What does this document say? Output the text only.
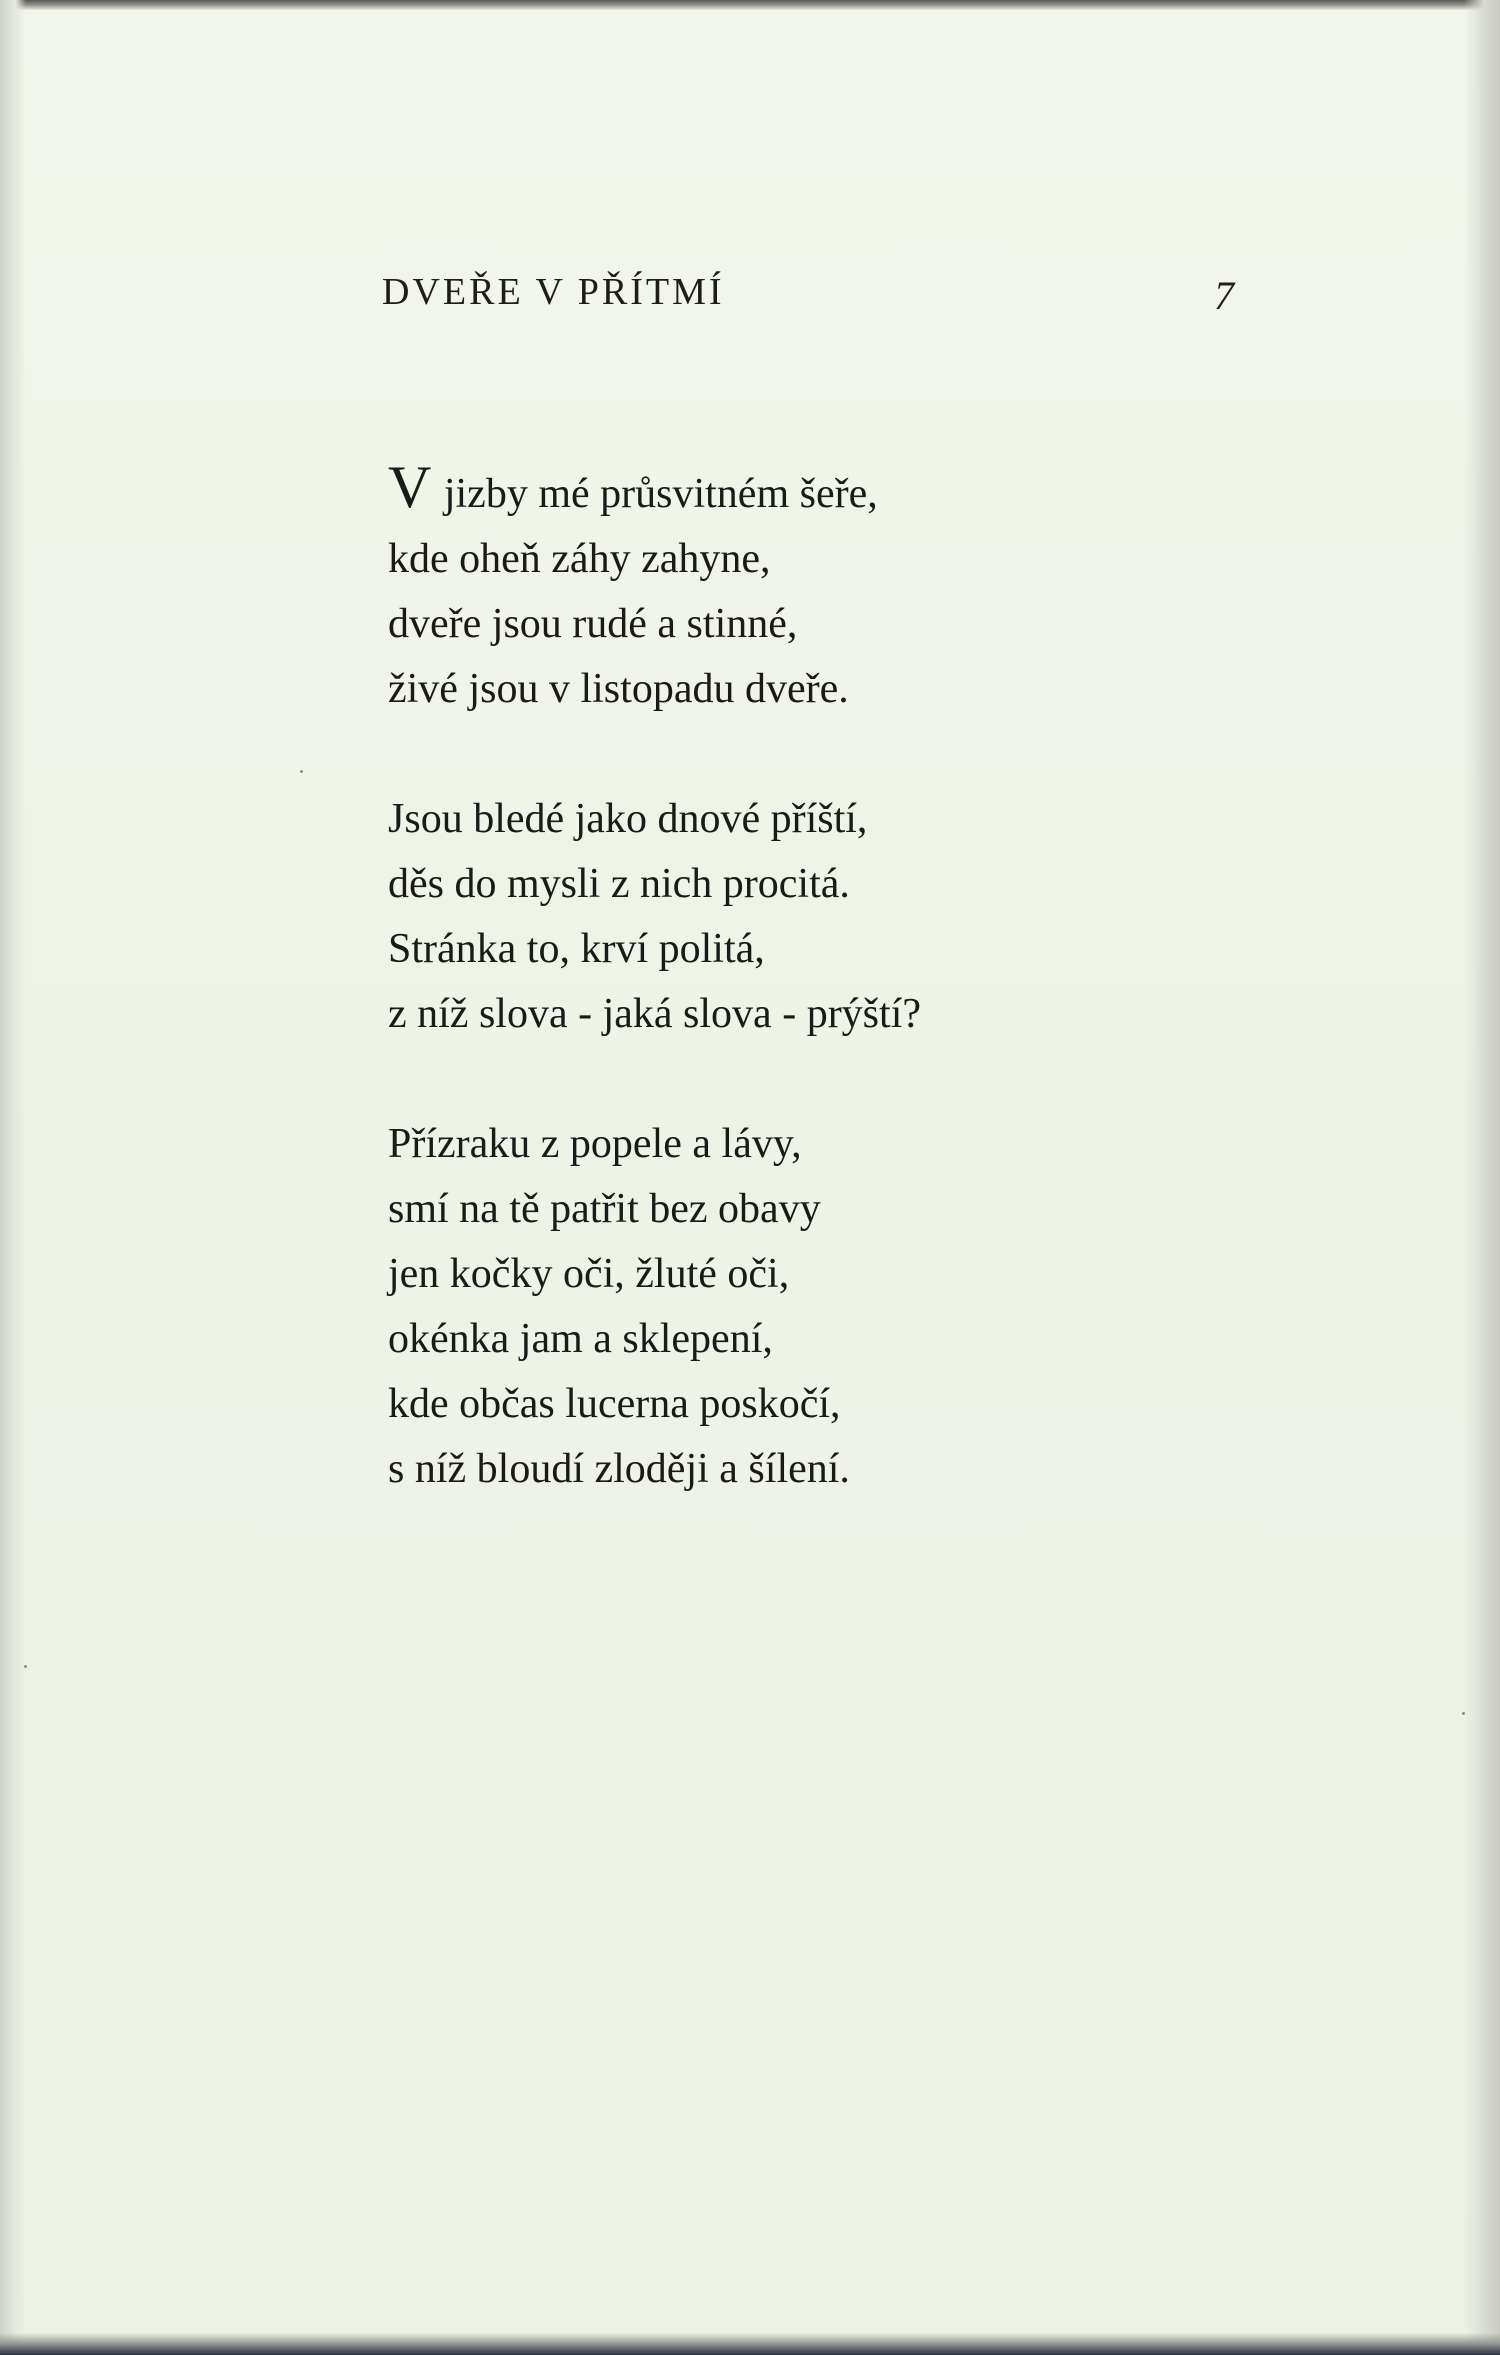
DVEŘE V PŘÍTMÍ	7
V jizby mé průsvitném šeře,
kde oheň záhy zahyne,
dveře jsou rudé a stinné,
živé jsou v listopadu dveře.
Jsou bledé jako dnové příští,
děs do mysli z nich procitá.
Stránka to, krví politá,
z níž slova - jaká slova - prýští?
Přízraku z popele a lávy,
smí na tě patřit bez obavy
jen kočky oči, žluté oči,
okénka jam a sklepení,
kde občas lucerna poskočí,
s níž bloudí zloději a šílení.
